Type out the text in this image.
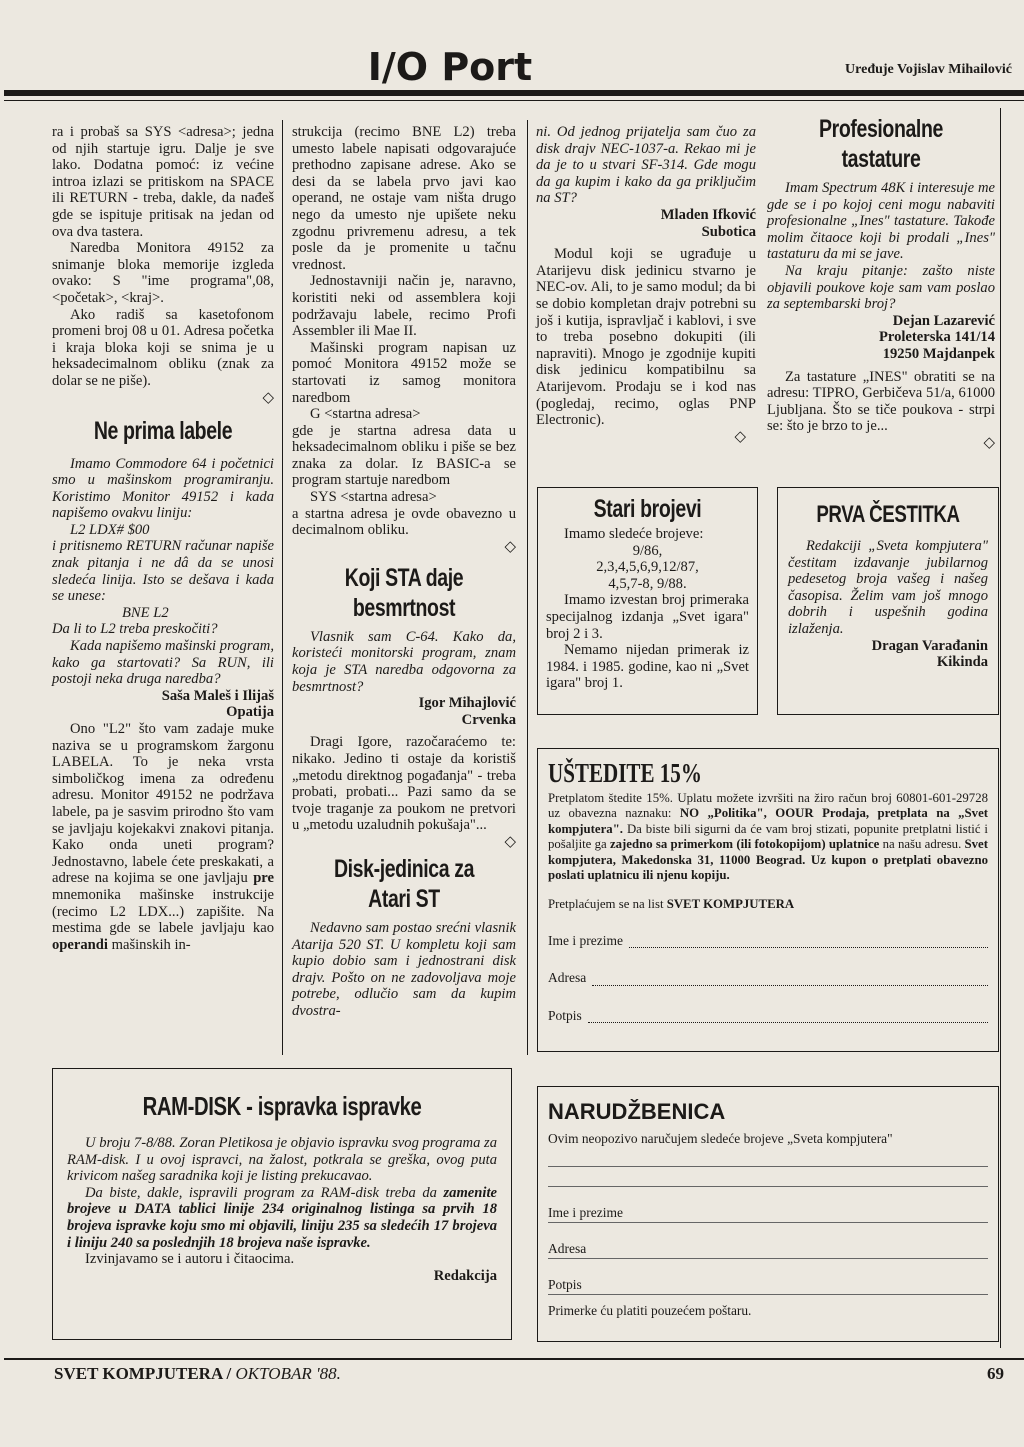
I/O Port	Uređuje Vojislav Mihailović

ra i probaš sa SYS <adresa>; jedna od njih startuje igru. Dalje je sve lako. Dodatna pomoć: iz većine introa izlazi se pritiskom na SPACE ili RETURN - treba, dakle, da nađeš gde se ispituje pritisak na jedan od ova dva tastera.

Naredba Monitora 49152 za snimanje bloka memorije izgleda ovako: S "ime programa",08, <početak>, <kraj>.

Ako radiš sa kasetofonom promeni broj 08 u 01. Adresa početka i kraja bloka koji se snima je u heksadecimalnom obliku (znak za dolar se ne piše).

◇
Ne prima labele

Imamo Commodore 64 i početnici smo u mašinskom programiranju. Koristimo Monitor 49152 i kada napišemo ovakvu liniju:

L2 LDX# $00

i pritisnemo RETURN računar napiše znak pitanja i ne dâ da se unosi sledeća linija. Isto se dešava i kada se unese:

BNE L2

Da li to L2 treba preskočiti?

Kada napišemo mašinski program, kako ga startovati? Sa RUN, ili postoji neka druga naredba?

Saša Maleš i Ilijaš

Opatija

Ono "L2" što vam zadaje muke naziva se u programskom žargonu LABELA. To je neka vrsta simboličkog imena za određenu adresu. Monitor 49152 ne podržava labele, pa je sasvim prirodno što vam se javljaju kojekakvi znakovi pitanja. Kako onda uneti program? Jednostavno, labele ćete preskakati, a adrese na kojima se one javljaju pre mnemonika mašinske instrukcije (recimo L2 LDX...) zapišite. Na mestima gde se labele javljaju kao operandi mašinskih in-

strukcija (recimo BNE L2) treba umesto labele napisati odgovarajuće prethodno zapisane adrese. Ako se desi da se labela prvo javi kao operand, ne ostaje vam ništa drugo nego da umesto nje upišete neku zgodnu privremenu adresu, a tek posle da je promenite u tačnu vrednost.

Jednostavniji način je, naravno, koristiti neki od assemblera koji podržavaju labele, recimo Profi Assembler ili Mae II.

Mašinski program napisan uz pomoć Monitora 49152 može se startovati iz samog monitora naredbom

G <startna adresa>

gde je startna adresa data u heksadecimalnom obliku i piše se bez znaka za dolar. Iz BASIC-a se program startuje naredbom

SYS <startna adresa>

a startna adresa je ovde obavezno u decimalnom obliku.

◇
Koji STA daje besmrtnost

Vlasnik sam C-64. Kako da, koristeći monitorski program, znam koja je STA naredba odgovorna za besmrtnost?

Igor Mihajlović

Crvenka

Dragi Igore, razočaraćemo te: nikako. Jedino ti ostaje da koristiš „metodu direktnog pogađanja" - treba probati, probati... Pazi samo da se tvoje traganje za poukom ne pretvori u „metodu uzaludnih pokušaja"...

◇
Disk-jedinica za Atari ST

Nedavno sam postao srećni vlasnik Atarija 520 ST. U kompletu koji sam kupio dobio sam i jednostrani disk drajv. Pošto on ne zadovoljava moje potrebe, odlučio sam da kupim dvostra-

ni. Od jednog prijatelja sam čuo za disk drajv NEC-1037-a. Rekao mi je da je to u stvari SF-314. Gde mogu da ga kupim i kako da ga priključim na ST?

Mladen Ifković

Subotica

Modul koji se ugrađuje u Atarijevu disk jedinicu stvarno je NEC-ov. Ali, to je samo modul; da bi se dobio kompletan drajv potrebni su još i kutija, ispravljač i kablovi, i sve to treba posebno dokupiti (ili napraviti). Mnogo je zgodnije kupiti disk jedinicu kompatibilnu sa Atarijevom. Prodaju se i kod nas (pogledaj, recimo, oglas PNP Electronic).

◇
Profesionalne tastature

Imam Spectrum 48K i interesuje me gde se i po kojoj ceni mogu nabaviti profesionalne „Ines" tastature. Takođe molim čitaoce koji bi prodali „Ines" tastaturu da mi se jave.

Na kraju pitanje: zašto niste objavili poukove koje sam vam poslao za septembarski broj?

Dejan Lazarević

Proleterska 141/14

19250 Majdanpek

Za tastature „INES" obratiti se na adresu: TIPRO, Gerbičeva 51/a, 61000 Ljubljana. Što se tiče poukova - strpi se: što je brzo to je...

◇
Stari brojevi

Imamo sledeće brojeve:

9/86,

2,3,4,5,6,9,12/87,

4,5,7-8, 9/88.

Imamo izvestan broj primeraka specijalnog izdanja „Svet igara" broj 2 i 3.

Nemamo nijedan primerak iz 1984. i 1985. godine, kao ni „Svet igara" broj 1.

PRVA ČESTITKA

Redakciji „Sveta kompjutera" čestitam izdavanje jubilarnog pedesetog broja vašeg i našeg časopisa. Želim vam još mnogo dobrih i uspešnih godina izlaženja.

Dragan Varađanin

Kikinda

UŠTEDITE 15%

Pretplatom štedite 15%. Uplatu možete izvršiti na žiro račun broj 60801-601-29728 uz obavezna naznaku: NO „Politika", OOUR Prodaja, pretplata na „Svet kompjutera". Da biste bili sigurni da će vam broj stizati, popunite pretplatni listić i pošaljite ga zajedno sa primerkom (ili fotokopijom) uplatnice na našu adresu. Svet kompjutera, Makedonska 31, 11000 Beograd. Uz kupon o pretplati obavezno poslati uplatnicu ili njenu kopiju.

Pretplaćujem se na list SVET KOMPJUTERA

Ime i prezime
Adresa
Potpis
RAM-DISK - ispravka ispravke

U broju 7-8/88. Zoran Pletikosa je objavio ispravku svog programa za RAM-disk. I u ovoj ispravci, na žalost, potkrala se greška, ovog puta krivicom našeg saradnika koji je listing prekucavao.

Da biste, dakle, ispravili program za RAM-disk treba da zamenite brojeve u DATA tablici linije 234 originalnog listinga sa prvih 18 brojeva ispravke koju smo mi objavili, liniju 235 sa sledećih 17 brojeva i liniju 240 sa poslednjih 18 brojeva naše ispravke.

Izvinjavamo se i autoru i čitaocima.

Redakcija

NARUDŽBENICA

Ovim neopozivo naručujem sledeće brojeve „Sveta kompjutera"

Ime i prezime
Adresa
Potpis

Primerke ću platiti pouzećem poštaru.

SVET KOMPJUTERA / OKTOBAR '88.	69
